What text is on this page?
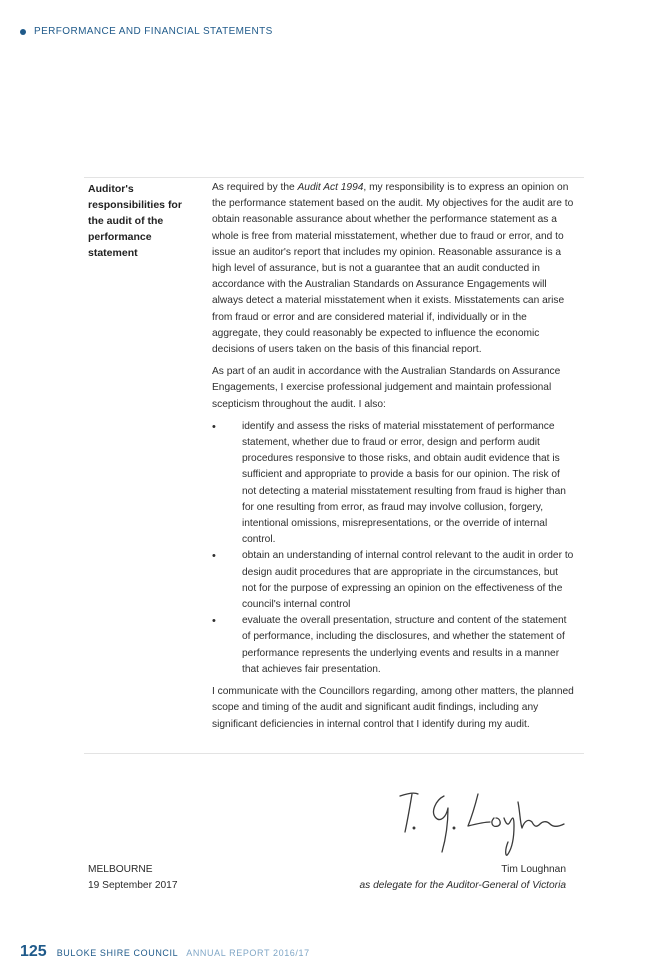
PERFORMANCE AND FINANCIAL STATEMENTS
Auditor's responsibilities for the audit of the performance statement

As required by the Audit Act 1994, my responsibility is to express an opinion on the performance statement based on the audit. My objectives for the audit are to obtain reasonable assurance about whether the performance statement as a whole is free from material misstatement, whether due to fraud or error, and to issue an auditor's report that includes my opinion. Reasonable assurance is a high level of assurance, but is not a guarantee that an audit conducted in accordance with the Australian Standards on Assurance Engagements will always detect a material misstatement when it exists. Misstatements can arise from fraud or error and are considered material if, individually or in the aggregate, they could reasonably be expected to influence the economic decisions of users taken on the basis of this financial report.

As part of an audit in accordance with the Australian Standards on Assurance Engagements, I exercise professional judgement and maintain professional scepticism throughout the audit. I also:

•	identify and assess the risks of material misstatement of performance statement, whether due to fraud or error, design and perform audit procedures responsive to those risks, and obtain audit evidence that is sufficient and appropriate to provide a basis for our opinion. The risk of not detecting a material misstatement resulting from fraud is higher than for one resulting from error, as fraud may involve collusion, forgery, intentional omissions, misrepresentations, or the override of internal control.
•	obtain an understanding of internal control relevant to the audit in order to design audit procedures that are appropriate in the circumstances, but not for the purpose of expressing an opinion on the effectiveness of the council's internal control
•	evaluate the overall presentation, structure and content of the statement of performance, including the disclosures, and whether the statement of performance represents the underlying events and results in a manner that achieves fair presentation.

I communicate with the Councillors regarding, among other matters, the planned scope and timing of the audit and significant audit findings, including any significant deficiencies in internal control that I identify during my audit.

MELBOURNE
19 September 2017
Tim Loughnan
as delegate for the Auditor-General of Victoria
125 BULOKE SHIRE COUNCIL ANNUAL REPORT 2016/17
